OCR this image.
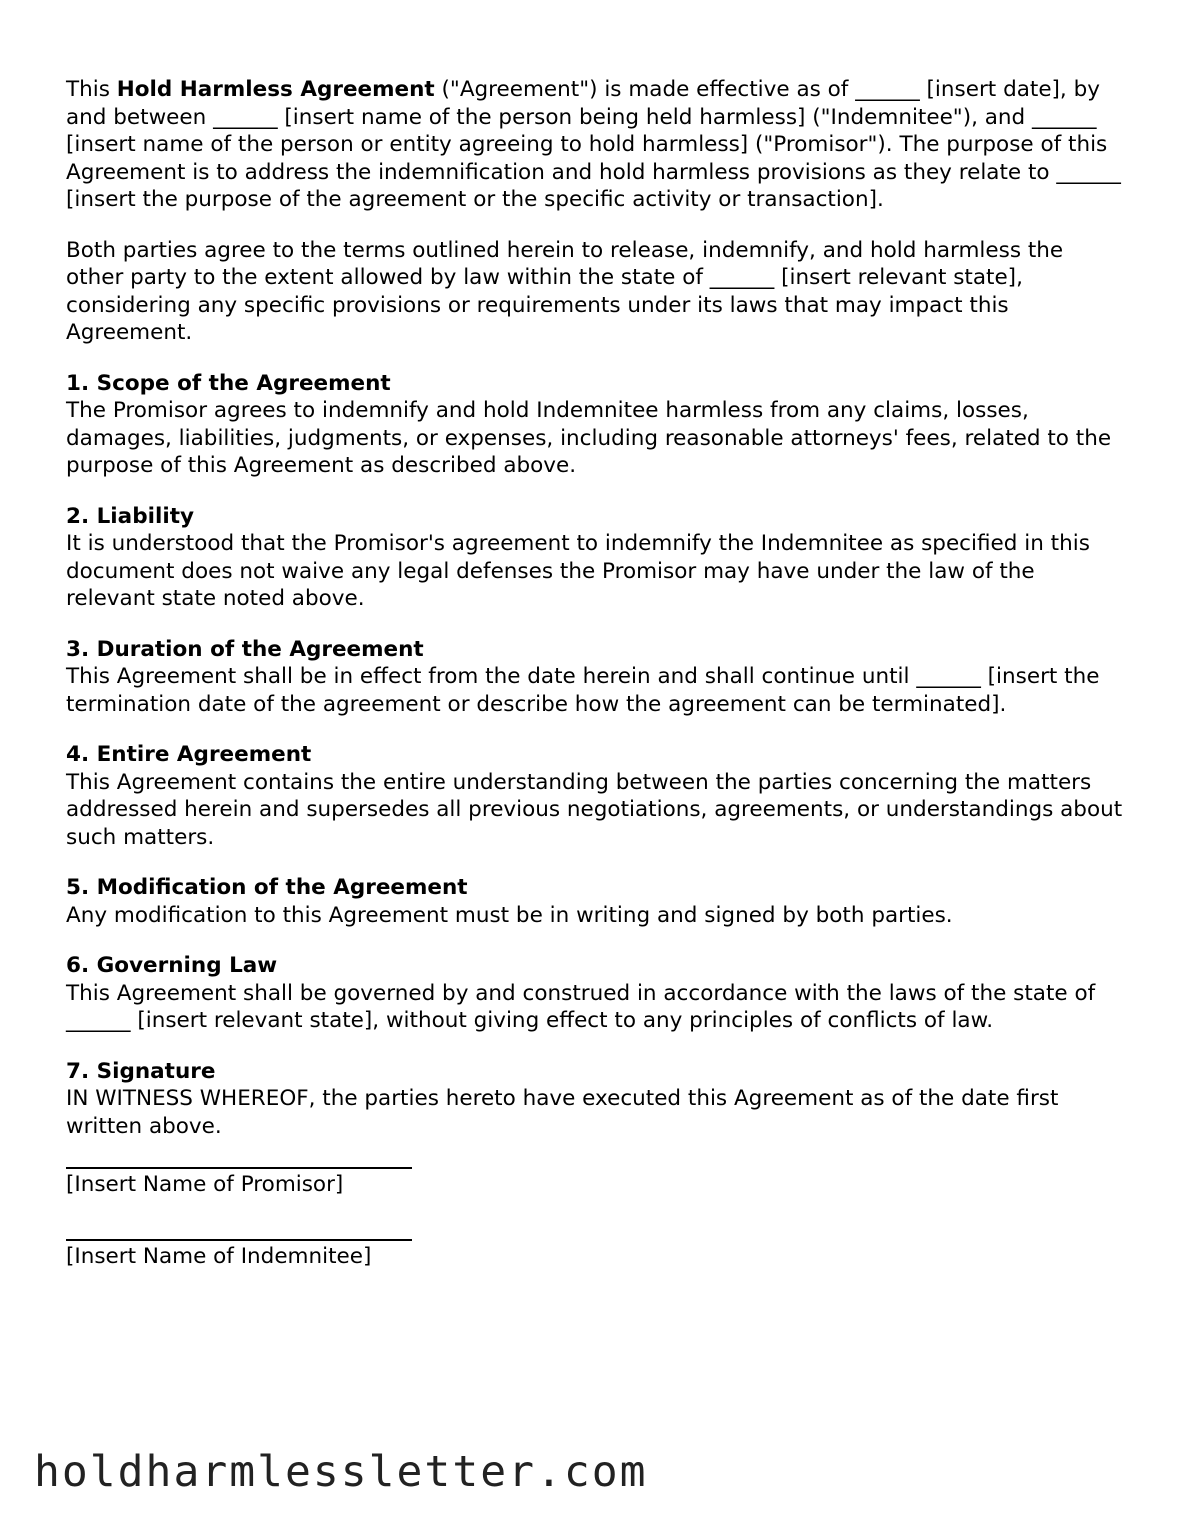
This Hold Harmless Agreement ("Agreement") is made effective as of ______ [insert date], by and between ______ [insert name of the person being held harmless] ("Indemnitee"), and ______ [insert name of the person or entity agreeing to hold harmless] ("Promisor"). The purpose of this Agreement is to address the indemnification and hold harmless provisions as they relate to ______ [insert the purpose of the agreement or the specific activity or transaction].

Both parties agree to the terms outlined herein to release, indemnify, and hold harmless the other party to the extent allowed by law within the state of ______ [insert relevant state], considering any specific provisions or requirements under its laws that may impact this Agreement.

1. Scope of the Agreement

The Promisor agrees to indemnify and hold Indemnitee harmless from any claims, losses, damages, liabilities, judgments, or expenses, including reasonable attorneys' fees, related to the purpose of this Agreement as described above.

2. Liability

It is understood that the Promisor's agreement to indemnify the Indemnitee as specified in this document does not waive any legal defenses the Promisor may have under the law of the relevant state noted above.

3. Duration of the Agreement

This Agreement shall be in effect from the date herein and shall continue until ______ [insert the termination date of the agreement or describe how the agreement can be terminated].

4. Entire Agreement

This Agreement contains the entire understanding between the parties concerning the matters addressed herein and supersedes all previous negotiations, agreements, or understandings about such matters.

5. Modification of the Agreement

Any modification to this Agreement must be in writing and signed by both parties.

6. Governing Law

This Agreement shall be governed by and construed in accordance with the laws of the state of ______ [insert relevant state], without giving effect to any principles of conflicts of law.

7. Signature

IN WITNESS WHEREOF, the parties hereto have executed this Agreement as of the date first written above.

[Insert Name of Promisor]

[Insert Name of Indemnitee]

holdharmlessletter.com
